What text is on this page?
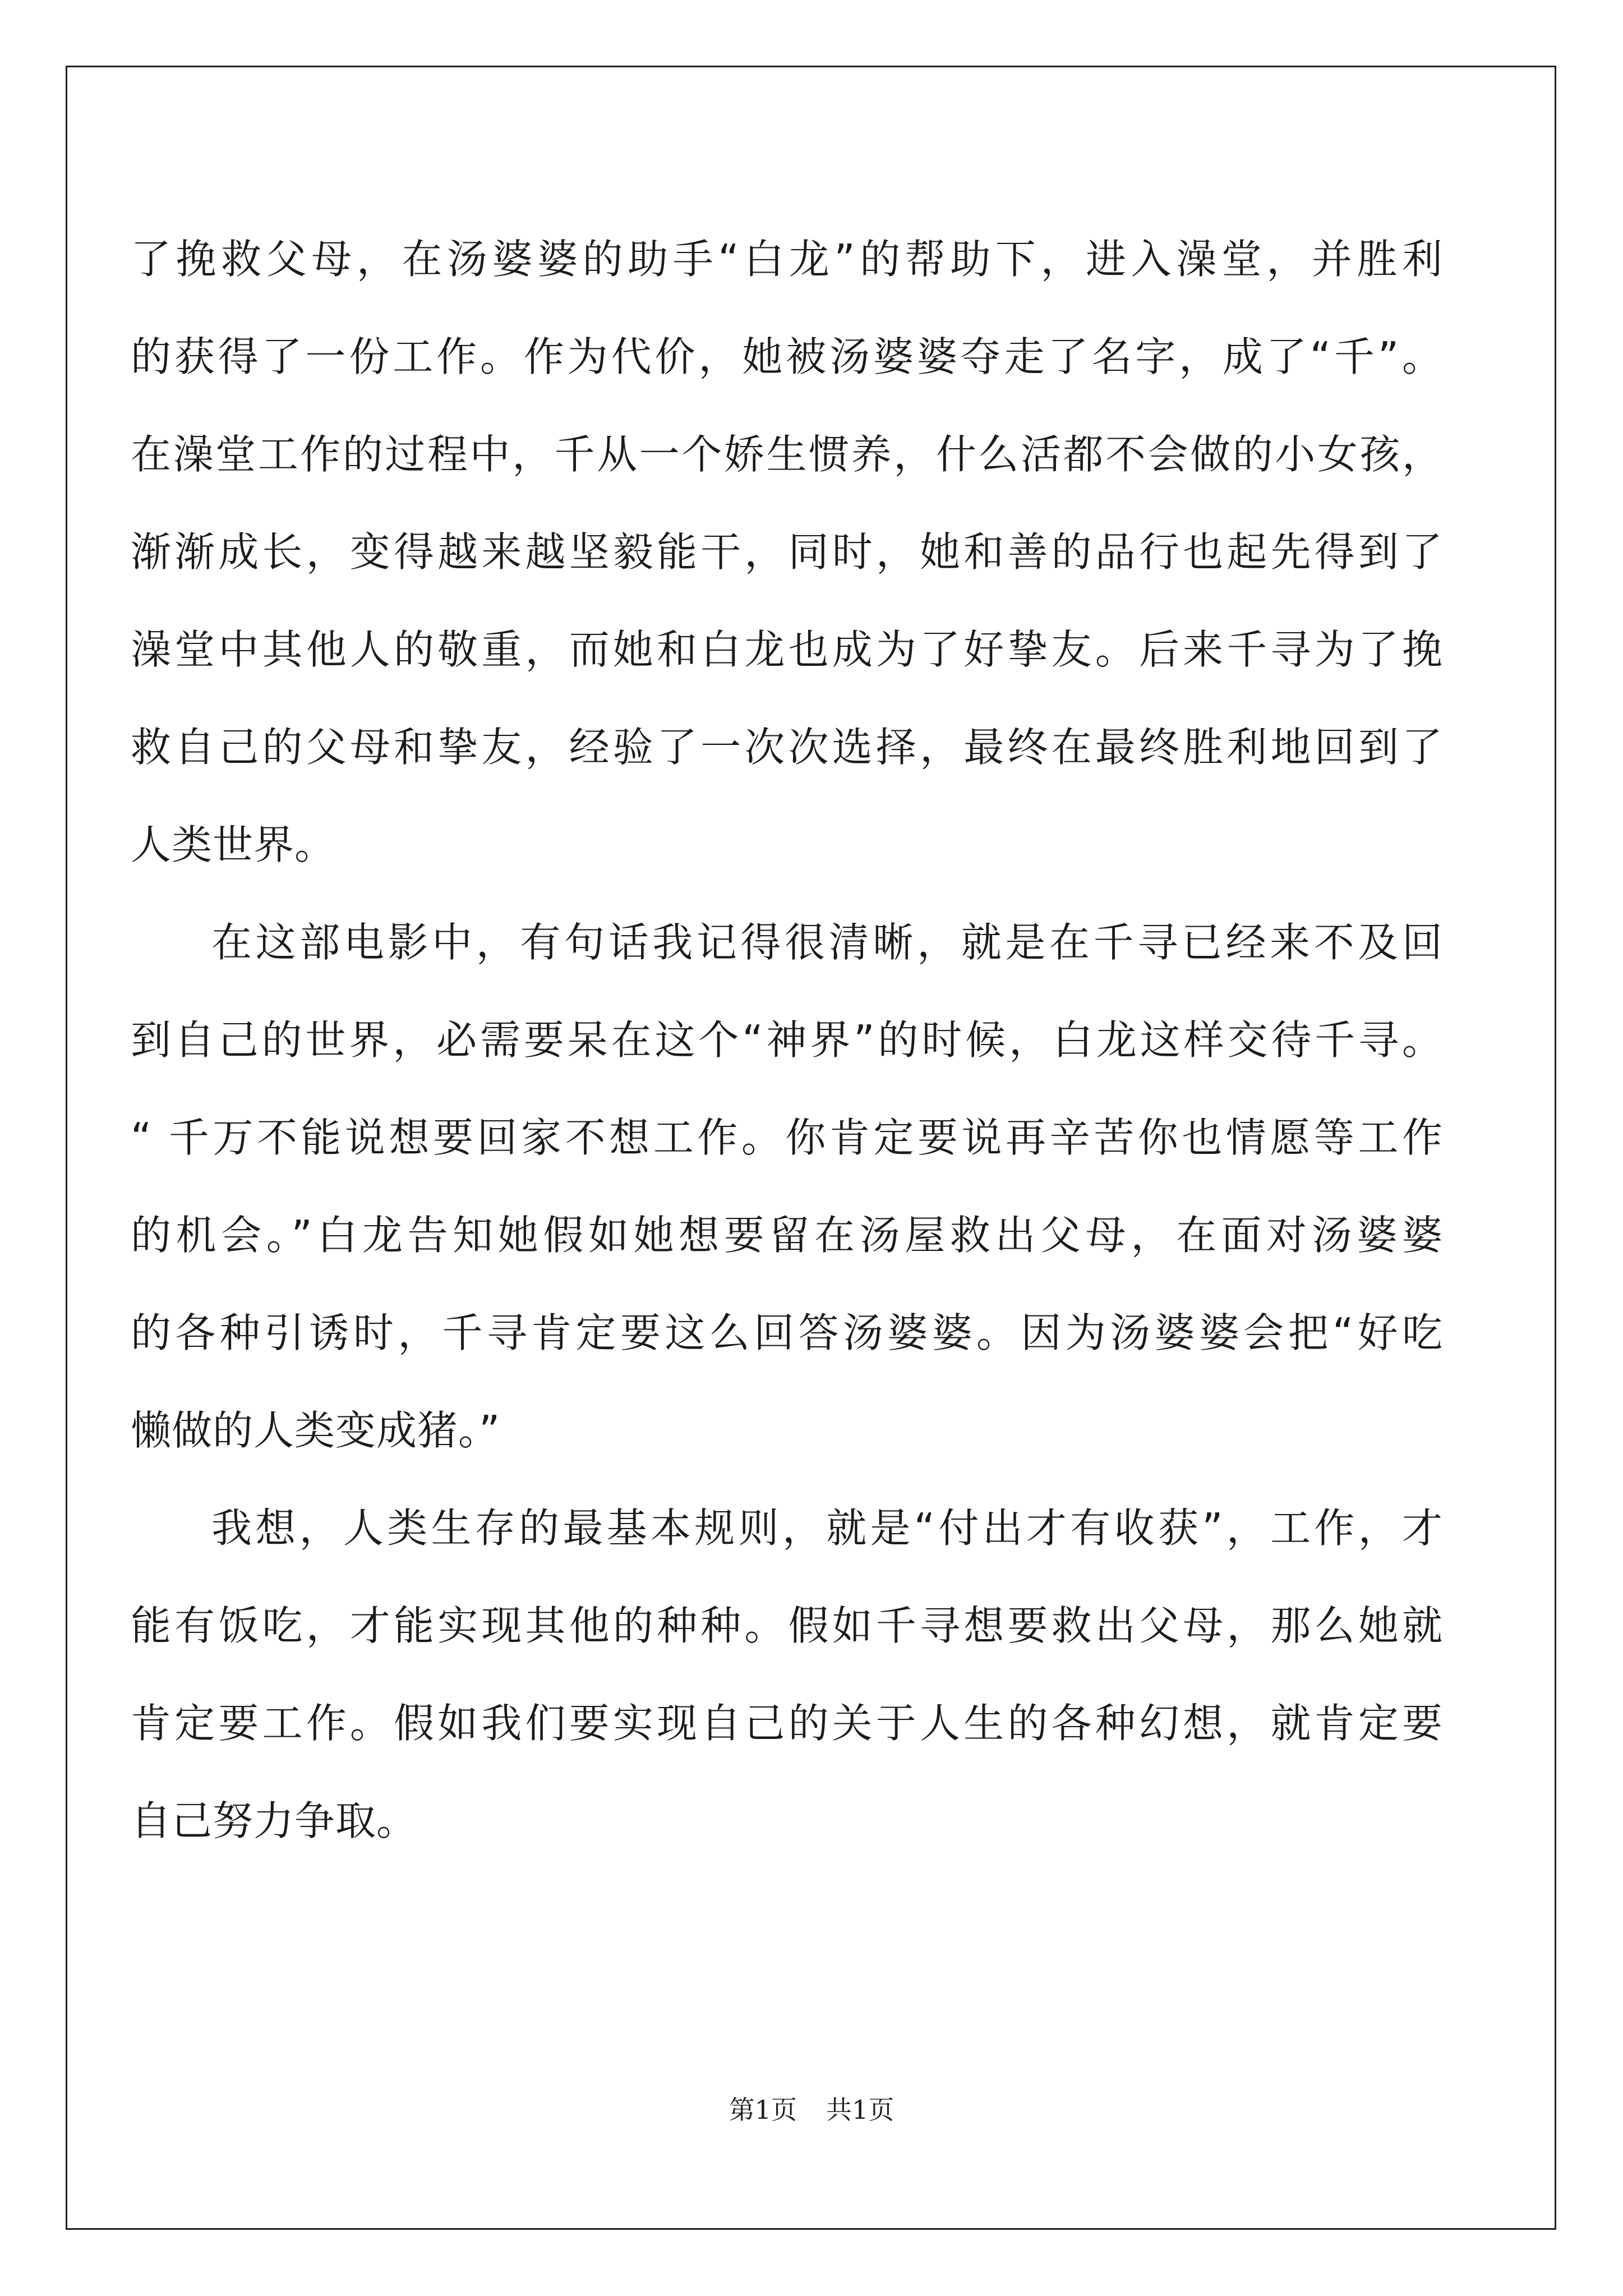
了挽救父母，在汤婆婆的助手“白龙”的帮助下，进入澡堂，并胜利
的获得了一份工作。作为代价，她被汤婆婆夺走了名字，成了“千”。
在澡堂工作的过程中，千从一个娇生惯养，什么活都不会做的小女孩，
渐渐成长，变得越来越坚毅能干，同时，她和善的品行也起先得到了
澡堂中其他人的敬重，而她和白龙也成为了好挚友。后来千寻为了挽
救自己的父母和挚友，经验了一次次选择，最终在最终胜利地回到了
人类世界。
在这部电影中，有句话我记得很清晰，就是在千寻已经来不及回
到自己的世界，必需要呆在这个“神界”的时候，白龙这样交待千寻。
“ 千万不能说想要回家不想工作。你肯定要说再辛苦你也情愿等工作
的机会。”白龙告知她假如她想要留在汤屋救出父母，在面对汤婆婆
的各种引诱时，千寻肯定要这么回答汤婆婆。因为汤婆婆会把“好吃
懒做的人类变成猪。”
我想，人类生存的最基本规则，就是“付出才有收获”，工作，才
能有饭吃，才能实现其他的种种。假如千寻想要救出父母，那么她就
肯定要工作。假如我们要实现自己的关于人生的各种幻想，就肯定要
自己努力争取。
第1页 共1页
